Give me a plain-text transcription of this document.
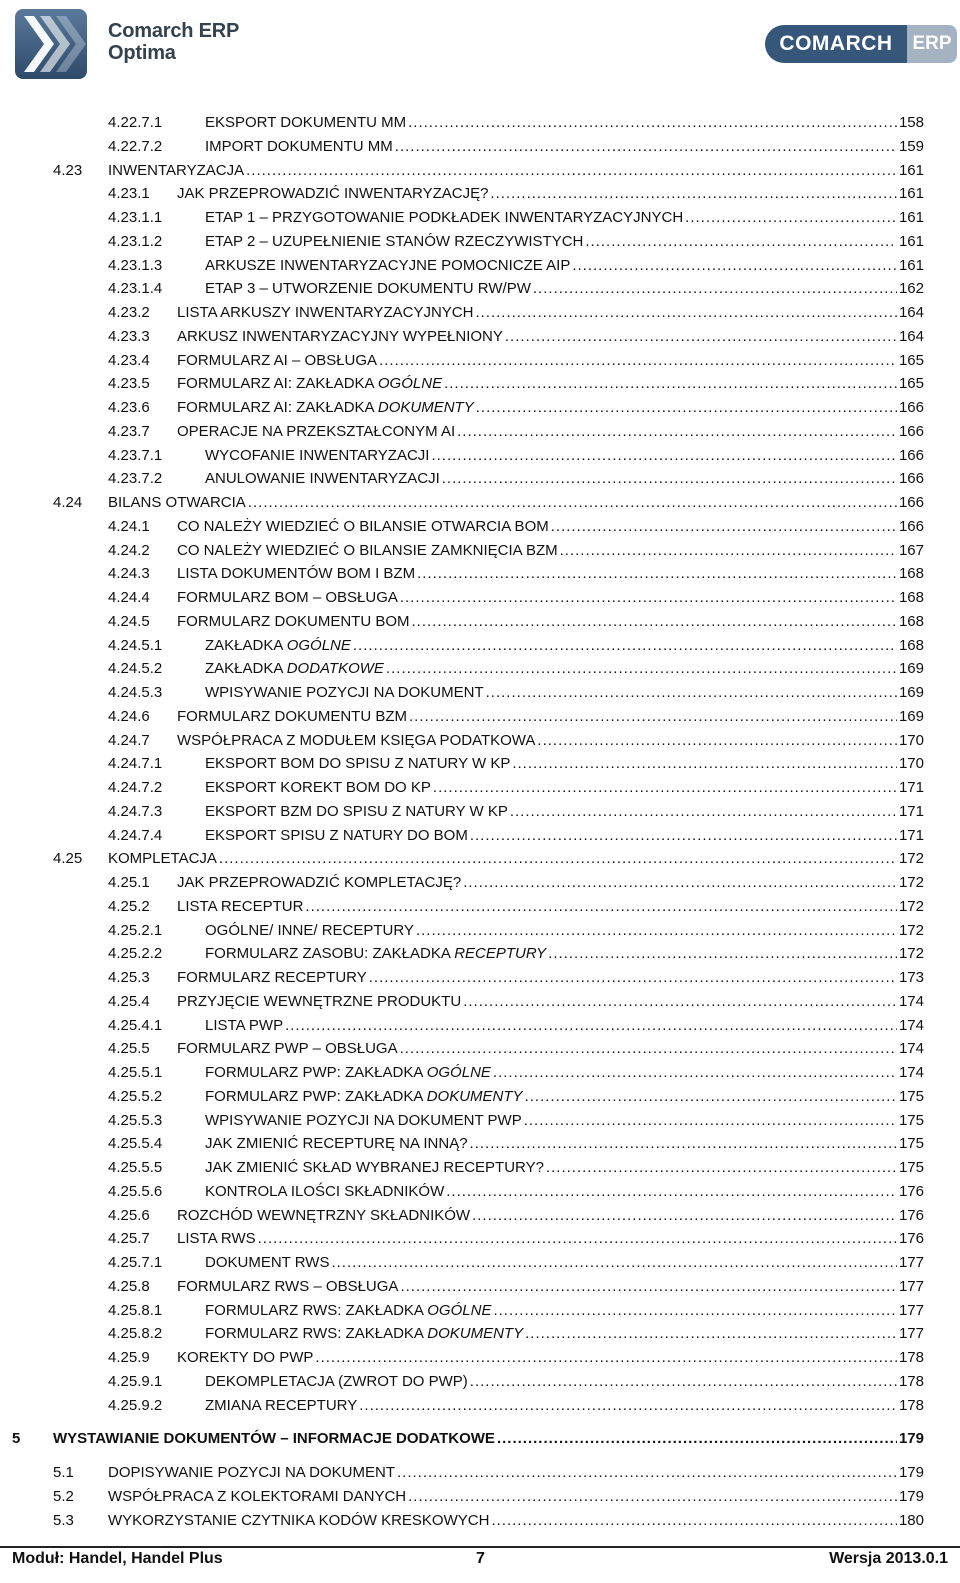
Comarch ERP
Optima	COMARCH	ERP
4.22.7.1	EKSPORT DOKUMENTU MM .....	158
4.22.7.2	IMPORT DOKUMENTU MM .....	159
4.23 INWENTARYZACJA .....	161
4.23.1 JAK PRZEPROWADZIĆ INWENTARYZACJĘ? .....	161
4.23.1.1	ETAP 1 – PRZYGOTOWANIE PODKŁADEK INWENTARYZACYJNYCH .....	161
4.23.1.2	ETAP 2 – UZUPEŁNIENIE STANÓW RZECZYWISTYCH .....	161
4.23.1.3	ARKUSZE INWENTARYZACYJNE POMOCNICZE AIP .....	161
4.23.1.4	ETAP 3 – UTWORZENIE DOKUMENTU RW/PW .....	162
4.23.2 LISTA ARKUSZY INWENTARYZACYJNYCH .....	164
4.23.3 ARKUSZ INWENTARYZACYJNY WYPEŁNIONY .....	164
4.23.4 FORMULARZ AI – OBSŁUGA .....	165
4.23.5 FORMULARZ AI: ZAKŁADKA OGÓLNE .....	165
4.23.6 FORMULARZ AI: ZAKŁADKA DOKUMENTY .....	166
4.23.7 OPERACJE NA PRZEKSZTAŁCONYM AI .....	166
4.23.7.1	WYCOFANIE INWENTARYZACJI .....	166
4.23.7.2	ANULOWANIE INWENTARYZACJI .....	166
4.24 BILANS OTWARCIA .....	166
4.24.1 CO NALEŻY WIEDZIEĆ O BILANSIE OTWARCIA BOM .....	166
4.24.2 CO NALEŻY WIEDZIEĆ O BILANSIE ZAMKNIĘCIA BZM .....	167
4.24.3 LISTA DOKUMENTÓW BOM I BZM .....	168
4.24.4 FORMULARZ BOM – OBSŁUGA .....	168
4.24.5 FORMULARZ DOKUMENTU BOM .....	168
4.24.5.1	ZAKŁADKA OGÓLNE .....	168
4.24.5.2	ZAKŁADKA DODATKOWE .....	169
4.24.5.3	WPISYWANIE POZYCJI NA DOKUMENT .....	169
4.24.6 FORMULARZ DOKUMENTU BZM .....	169
4.24.7 WSPÓŁPRACA Z MODUŁEM KSIĘGA PODATKOWA .....	170
4.24.7.1	EKSPORT BOM DO SPISU Z NATURY W KP .....	170
4.24.7.2	EKSPORT KOREKT BOM DO KP .....	171
4.24.7.3	EKSPORT BZM DO SPISU Z NATURY W KP .....	171
4.24.7.4	EKSPORT SPISU Z NATURY DO BOM .....	171
4.25 KOMPLETACJA .....	172
4.25.1 JAK PRZEPROWADZIĆ KOMPLETACJĘ? .....	172
4.25.2 LISTA RECEPTUR .....	172
4.25.2.1	OGÓLNE/ INNE/ RECEPTURY .....	172
4.25.2.2	FORMULARZ ZASOBU: ZAKŁADKA RECEPTURY .....	172
4.25.3 FORMULARZ RECEPTURY .....	173
4.25.4 PRZYJĘCIE WEWNĘTRZNE PRODUKTU .....	174
4.25.4.1	LISTA PWP .....	174
4.25.5 FORMULARZ PWP – OBSŁUGA .....	174
4.25.5.1	FORMULARZ PWP: ZAKŁADKA OGÓLNE .....	174
4.25.5.2	FORMULARZ PWP: ZAKŁADKA DOKUMENTY .....	175
4.25.5.3	WPISYWANIE POZYCJI NA DOKUMENT PWP .....	175
4.25.5.4	JAK ZMIENIĆ RECEPTURĘ NA INNĄ? .....	175
4.25.5.5	JAK ZMIENIĆ SKŁAD WYBRANEJ RECEPTURY? .....	175
4.25.5.6	KONTROLA ILOŚCI SKŁADNIKÓW .....	176
4.25.6 ROZCHÓD WEWNĘTRZNY SKŁADNIKÓW .....	176
4.25.7 LISTA RWS .....	176
4.25.7.1	DOKUMENT RWS .....	177
4.25.8 FORMULARZ RWS – OBSŁUGA .....	177
4.25.8.1	FORMULARZ RWS: ZAKŁADKA OGÓLNE .....	177
4.25.8.2	FORMULARZ RWS: ZAKŁADKA DOKUMENTY .....	177
4.25.9 KOREKTY DO PWP .....	178
4.25.9.1	DEKOMPLETACJA (ZWROT DO PWP) .....	178
4.25.9.2	ZMIANA RECEPTURY .....	178
5 WYSTAWIANIE DOKUMENTÓW – INFORMACJE DODATKOWE .....	179
5.1 DOPISYWANIE POZYCJI NA DOKUMENT .....	179
5.2 WSPÓŁPRACA Z KOLEKTORAMI DANYCH .....	179
5.3 WYKORZYSTANIE CZYTNIKA KODÓW KRESKOWYCH .....	180
Moduł: Handel, Handel Plus	7	Wersja 2013.0.1
